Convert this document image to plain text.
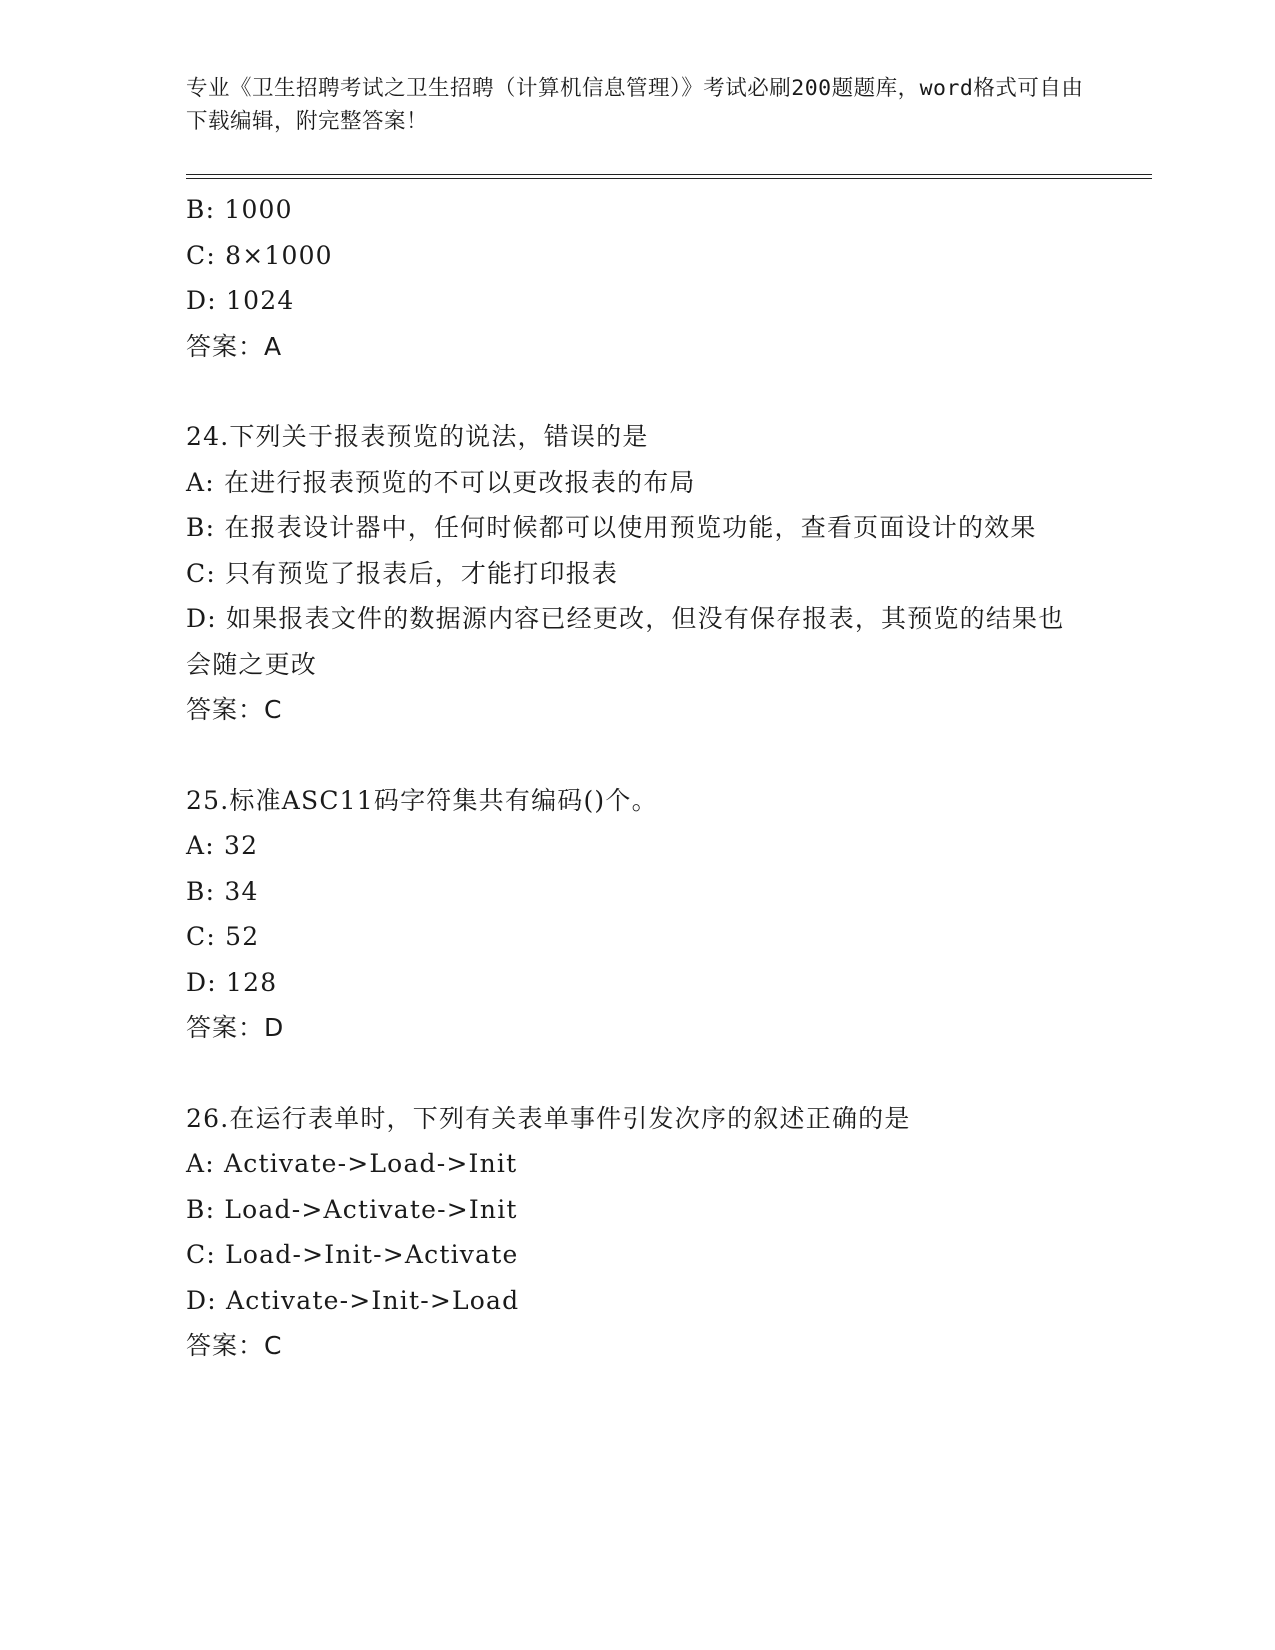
专业《卫生招聘考试之卫生招聘（计算机信息管理）》考试必刷200题题库，word格式可自由下载编辑，附完整答案！
B: 1000
C: 8×1000
D: 1024
答案：A
24.下列关于报表预览的说法，错误的是
A: 在进行报表预览的不可以更改报表的布局
B: 在报表设计器中，任何时候都可以使用预览功能，查看页面设计的效果
C: 只有预览了报表后，才能打印报表
D: 如果报表文件的数据源内容已经更改，但没有保存报表，其预览的结果也会随之更改
答案：C
25.标准ASC11码字符集共有编码()个。
A: 32
B: 34
C: 52
D: 128
答案：D
26.在运行表单时，下列有关表单事件引发次序的叙述正确的是
A: Activate->Load->Init
B: Load->Activate->Init
C: Load->Init->Activate
D: Activate->Init->Load
答案：C
